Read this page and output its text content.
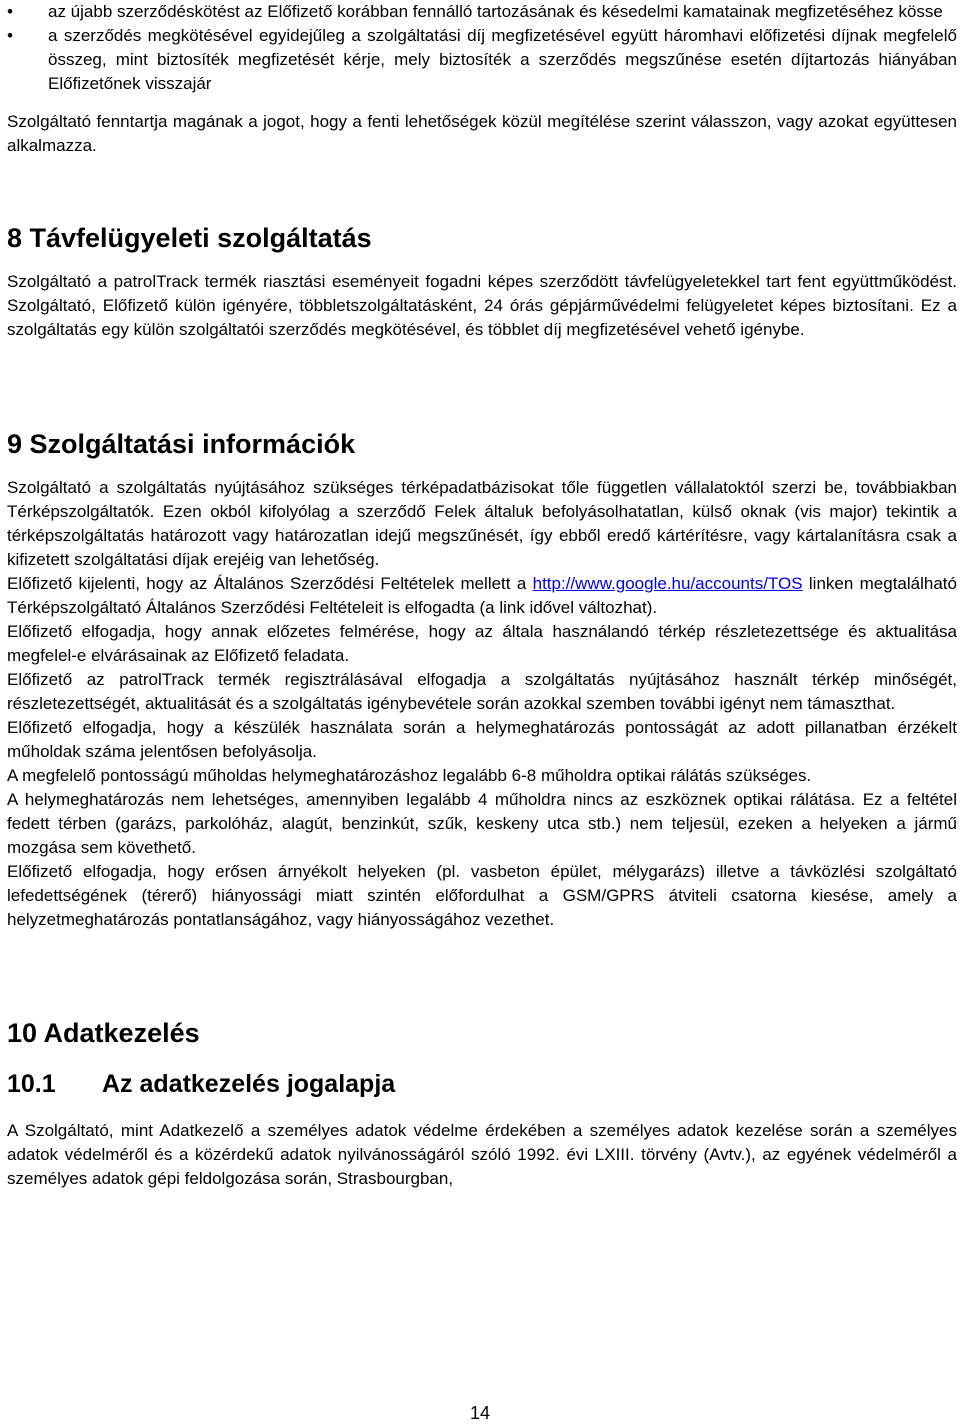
•	az újabb szerződéskötést az Előfizető korábban fennálló tartozásának és késedelmi kamatainak megfizetéséhez kösse
•	a szerződés megkötésével egyidejűleg a szolgáltatási díj megfizetésével együtt háromhavi előfizetési díjnak megfelelő összeg, mint biztosíték megfizetését kérje, mely biztosíték a szerződés megszűnése esetén díjtartozás hiányában Előfizetőnek visszajár

Szolgáltató fenntartja magának a jogot, hogy a fenti lehetőségek közül megítélése szerint válasszon, vagy azokat együttesen alkalmazza.

8 Távfelügyeleti szolgáltatás

Szolgáltató a patrolTrack termék riasztási eseményeit fogadni képes szerződött távfelügyeletekkel tart fent együttműködést. Szolgáltató, Előfizető külön igényére, többletszolgáltatásként, 24 órás gépjárművédelmi felügyeletet képes biztosítani. Ez a szolgáltatás egy külön szolgáltatói szerződés megkötésével, és többlet díj megfizetésével vehető igénybe.

9 Szolgáltatási információk

Szolgáltató a szolgáltatás nyújtásához szükséges térképadatbázisokat tőle független vállalatoktól szerzi be, továbbiakban Térképszolgáltatók. Ezen okból kifolyólag a szerződő Felek általuk befolyásolhatatlan, külső oknak (vis major) tekintik a térképszolgáltatás határozott vagy határozatlan idejű megszűnését, így ebből eredő kártérítésre, vagy kártalanításra csak a kifizetett szolgáltatási díjak erejéig van lehetőség.

Előfizető kijelenti, hogy az Általános Szerződési Feltételek mellett a http://www.google.hu/accounts/TOS linken megtalálható Térképszolgáltató Általános Szerződési Feltételeit is elfogadta (a link idővel változhat).

Előfizető elfogadja, hogy annak előzetes felmérése, hogy az általa használandó térkép részletezettsége és aktualitása megfelel-e elvárásainak az Előfizető feladata.

Előfizető az patrolTrack termék regisztrálásával elfogadja a szolgáltatás nyújtásához használt térkép minőségét, részletezettségét, aktualitását és a szolgáltatás igénybevétele során azokkal szemben további igényt nem támaszthat.

Előfizető elfogadja, hogy a készülék használata során a helymeghatározás pontosságát az adott pillanatban érzékelt műholdak száma jelentősen befolyásolja.

A megfelelő pontosságú műholdas helymeghatározáshoz legalább 6-8 műholdra optikai rálátás szükséges.

A helymeghatározás nem lehetséges, amennyiben legalább 4 műholdra nincs az eszköznek optikai rálátása. Ez a feltétel fedett térben (garázs, parkolóház, alagút, benzinkút, szűk, keskeny utca stb.) nem teljesül, ezeken a helyeken a jármű mozgása sem követhető.

Előfizető elfogadja, hogy erősen árnyékolt helyeken (pl. vasbeton épület, mélygarázs) illetve a távközlési szolgáltató lefedettségének (térerő) hiányossági miatt szintén előfordulhat a GSM/GPRS átviteli csatorna kiesése, amely a helyzetmeghatározás pontatlanságához, vagy hiányosságához vezethet.

10 Adatkezelés
10.1 Az adatkezelés jogalapja

A Szolgáltató, mint Adatkezelő a személyes adatok védelme érdekében a személyes adatok kezelése során a személyes adatok védelméről és a közérdekű adatok nyilvánosságáról szóló 1992. évi LXIII. törvény (Avtv.), az egyének védelméről a személyes adatok gépi feldolgozása során, Strasbourgban,

14
